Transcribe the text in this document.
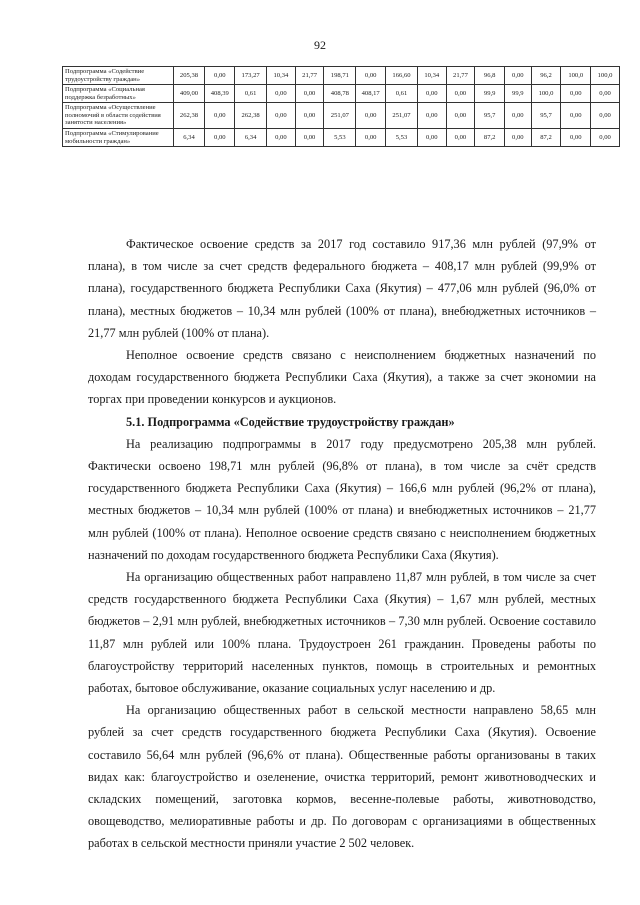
92
Подпрограмма «Содействие трудоустройству граждан»	205,38	0,00	173,27	10,34	21,77	198,71	0,00	166,60	10,34	21,77	96,8	0,00	96,2	100,0	100,0
Подпрограмма «Социальная поддержка безработных»	409,00	408,39	0,61	0,00	0,00	408,78	408,17	0,61	0,00	0,00	99,9	99,9	100,0	0,00	0,00
Подпрограмма «Осуществление полномочий в области содействия занятости населения»	262,38	0,00	262,38	0,00	0,00	251,07	0,00	251,07	0,00	0,00	95,7	0,00	95,7	0,00	0,00
Подпрограмма «Стимулирование мобильности граждан»	6,34	0,00	6,34	0,00	0,00	5,53	0,00	5,53	0,00	0,00	87,2	0,00	87,2	0,00	0,00

Фактическое освоение средств за 2017 год составило 917,36 млн рублей (97,9% от плана), в том числе за счет средств федерального бюджета – 408,17 млн рублей (99,9% от плана), государственного бюджета Республики Саха (Якутия) – 477,06 млн рублей (96,0% от плана), местных бюджетов – 10,34 млн рублей (100% от плана), внебюджетных источников – 21,77 млн рублей (100% от плана).

Неполное освоение средств связано с неисполнением бюджетных назначений по доходам государственного бюджета Республики Саха (Якутия), а также за счет экономии на торгах при проведении конкурсов и аукционов.

5.1. Подпрограмма «Содействие трудоустройству граждан»

На реализацию подпрограммы в 2017 году предусмотрено 205,38 млн рублей. Фактически освоено 198,71 млн рублей (96,8% от плана), в том числе за счёт средств государственного бюджета Республики Саха (Якутия) – 166,6 млн рублей (96,2% от плана), местных бюджетов – 10,34 млн рублей (100% от плана) и внебюджетных источников – 21,77 млн рублей (100% от плана). Неполное освоение средств связано с неисполнением бюджетных назначений по доходам государственного бюджета Республики Саха (Якутия).

На организацию общественных работ направлено 11,87 млн рублей, в том числе за счет средств государственного бюджета Республики Саха (Якутия) – 1,67 млн рублей, местных бюджетов – 2,91 млн рублей, внебюджетных источников – 7,30 млн рублей. Освоение составило 11,87 млн рублей или 100% плана. Трудоустроен 261 гражданин. Проведены работы по благоустройству территорий населенных пунктов, помощь в строительных и ремонтных работах, бытовое обслуживание, оказание социальных услуг населению и др.

На организацию общественных работ в сельской местности направлено 58,65 млн рублей за счет средств государственного бюджета Республики Саха (Якутия). Освоение составило 56,64 млн рублей (96,6% от плана). Общественные работы организованы в таких видах как: благоустройство и озеленение, очистка территорий, ремонт животноводческих и складских помещений, заготовка кормов, весенне-полевые работы, животноводство, овощеводство, мелиоративные работы и др. По договорам с организациями в общественных работах в сельской местности приняли участие 2 502 человек.
